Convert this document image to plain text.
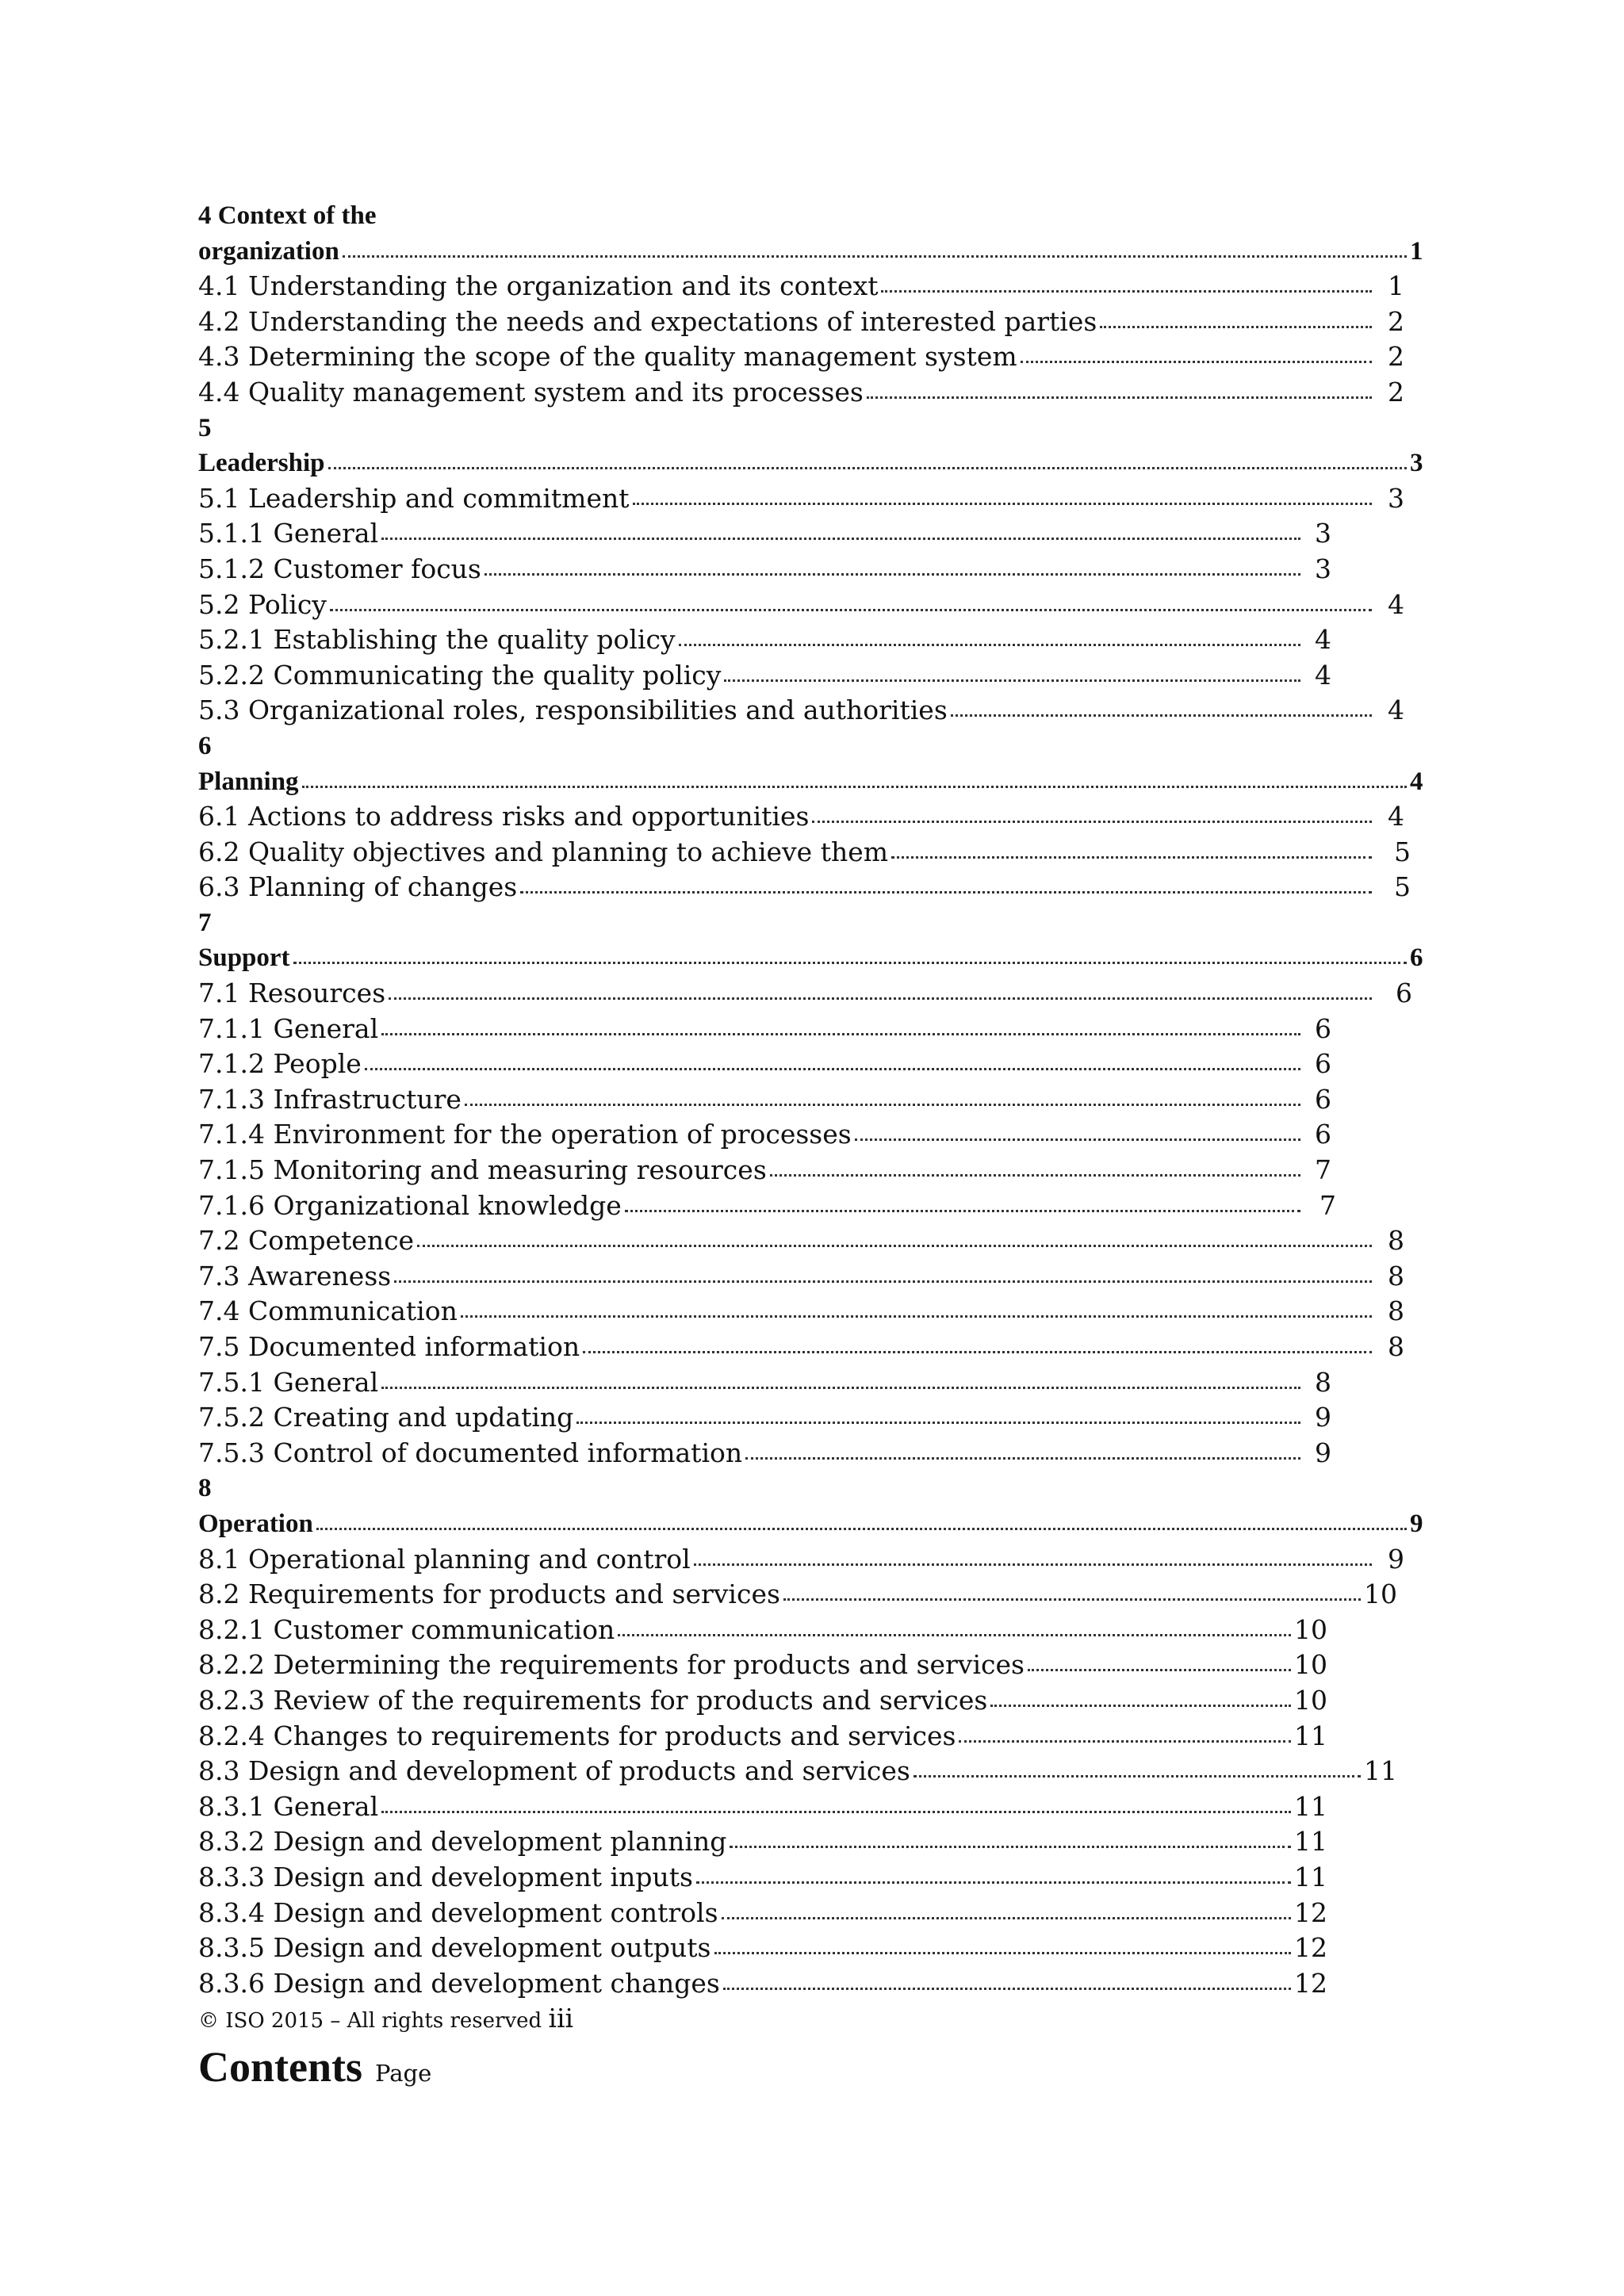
4 Context of the
organization	1
4.1 Understanding the organization and its context	1
4.2 Understanding the needs and expectations of interested parties	2
4.3 Determining the scope of the quality management system	2
4.4 Quality management system and its processes	2
5
Leadership	3
5.1 Leadership and commitment	3
5.1.1 General	3
5.1.2 Customer focus	3
5.2 Policy	4
5.2.1 Establishing the quality policy	4
5.2.2 Communicating the quality policy	4
5.3 Organizational roles, responsibilities and authorities	4
6
Planning	4
6.1 Actions to address risks and opportunities	4
6.2 Quality objectives and planning to achieve them	5
6.3 Planning of changes	5
7
Support	6
7.1 Resources	6
7.1.1 General	6
7.1.2 People	6
7.1.3 Infrastructure	6
7.1.4 Environment for the operation of processes	6
7.1.5 Monitoring and measuring resources	7
7.1.6 Organizational knowledge	7
7.2 Competence	8
7.3 Awareness	8
7.4 Communication	8
7.5 Documented information	8
7.5.1 General	8
7.5.2 Creating and updating	9
7.5.3 Control of documented information	9
8
Operation	9
8.1 Operational planning and control	9
8.2 Requirements for products and services	10
8.2.1 Customer communication	10
8.2.2 Determining the requirements for products and services	10
8.2.3 Review of the requirements for products and services	10
8.2.4 Changes to requirements for products and services	11
8.3 Design and development of products and services	11
8.3.1 General	11
8.3.2 Design and development planning	11
8.3.3 Design and development inputs	11
8.3.4 Design and development controls	12
8.3.5 Design and development outputs	12
8.3.6 Design and development changes	12
© ISO 2015 – All rights reserved iii
Contents Page
